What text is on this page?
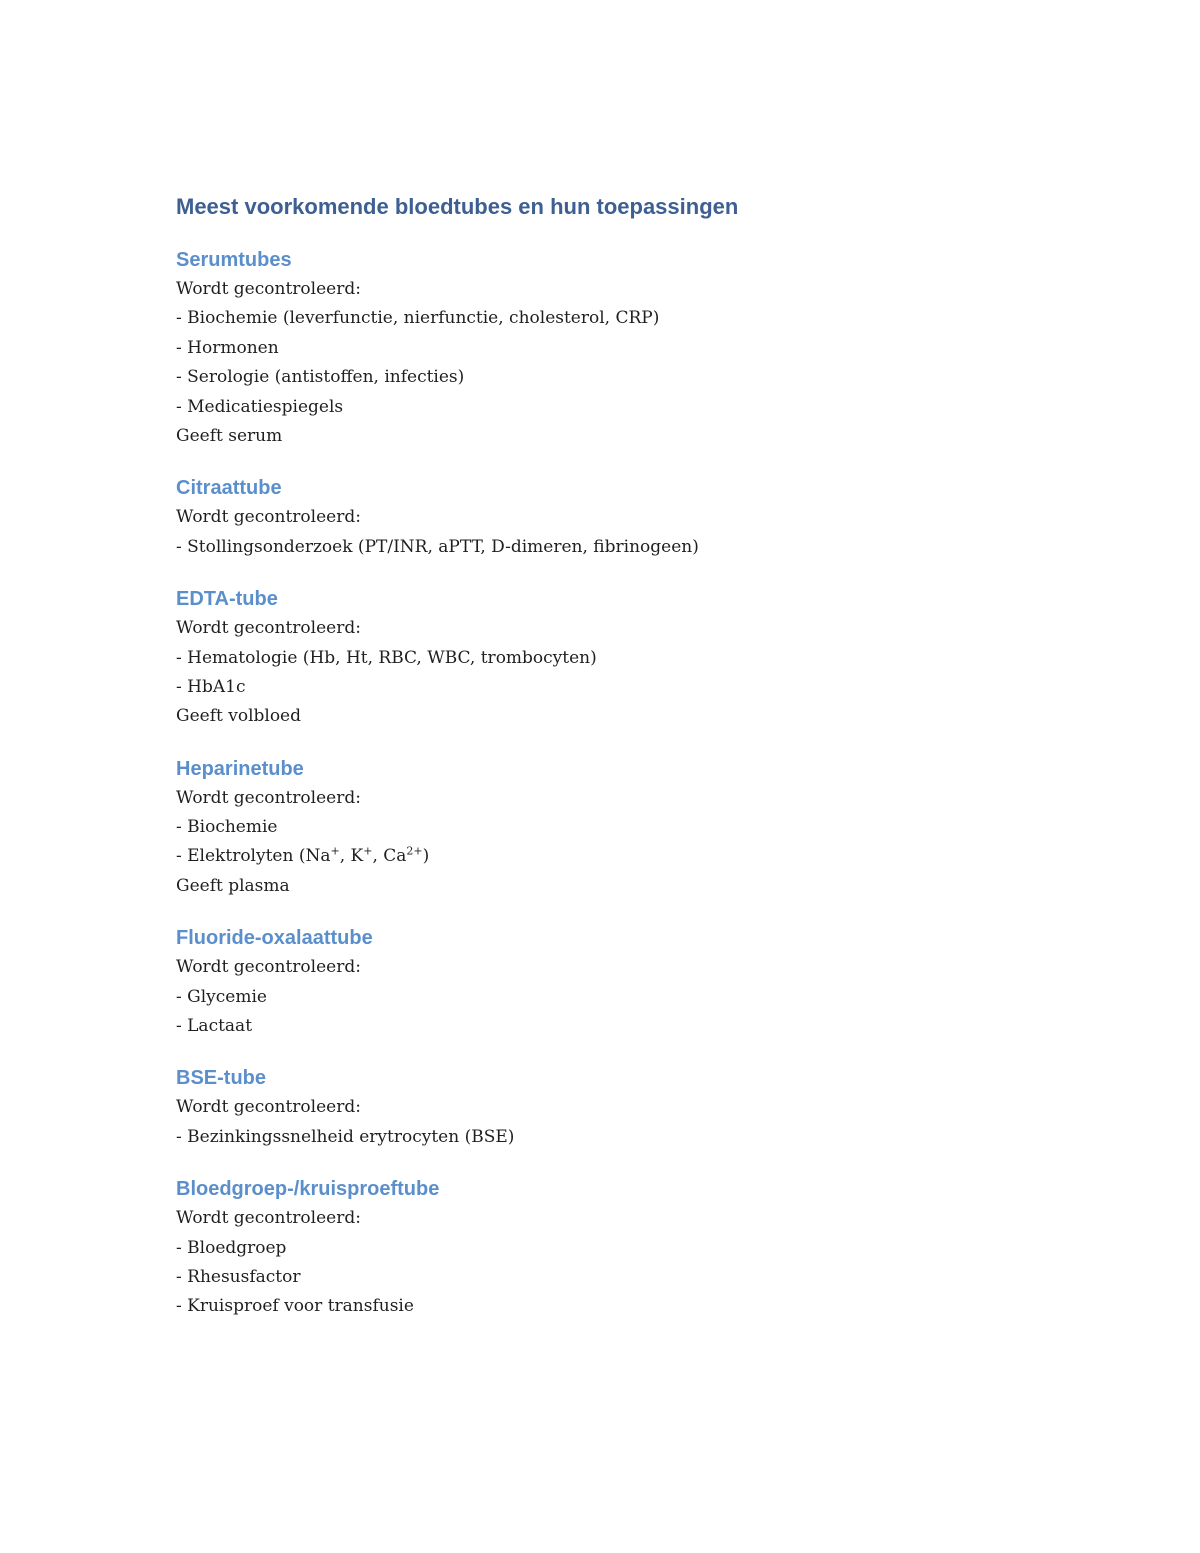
Meest voorkomende bloedtubes en hun toepassingen
Serumtubes

Wordt gecontroleerd:

- Biochemie (leverfunctie, nierfunctie, cholesterol, CRP)

- Hormonen

- Serologie (antistoffen, infecties)

- Medicatiespiegels

Geeft serum

Citraattube

Wordt gecontroleerd:

- Stollingsonderzoek (PT/INR, aPTT, D-dimeren, fibrinogeen)

EDTA-tube

Wordt gecontroleerd:

- Hematologie (Hb, Ht, RBC, WBC, trombocyten)

- HbA1c

Geeft volbloed

Heparinetube

Wordt gecontroleerd:

- Biochemie

- Elektrolyten (Na+, K+, $Ca^{2+}$)

Geeft plasma

Fluoride-oxalaattube

Wordt gecontroleerd:

- Glycemie

- Lactaat

BSE-tube

Wordt gecontroleerd:

- Bezinkingssnelheid erytrocyten (BSE)

Bloedgroep-/kruisproeftube

Wordt gecontroleerd:

- Bloedgroep

- Rhesusfactor

- Kruisproef voor transfusie
